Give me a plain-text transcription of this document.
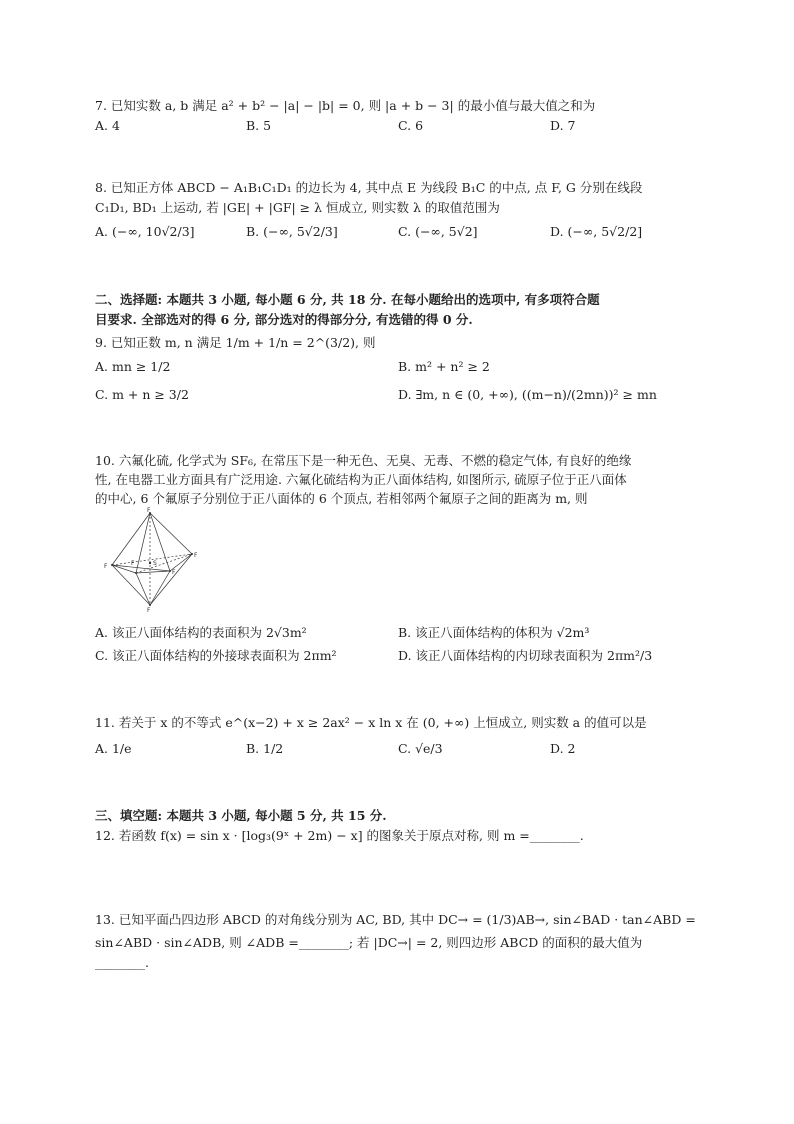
7. 已知实数 a, b 满足 a² + b² − |a| − |b| = 0, 则 |a + b − 3| 的最小值与最大值之和为
A. 4	B. 5	C. 6	D. 7
8. 已知正方体 ABCD − A₁B₁C₁D₁ 的边长为 4, 其中点 E 为线段 B₁C 的中点, 点 F, G 分别在线段
C₁D₁, BD₁ 上运动, 若 |GE| + |GF| ≥ λ 恒成立, 则实数 λ 的取值范围为
A. (−∞, 10√2/3]	B. (−∞, 5√2/3]	C. (−∞, 5√2]	D. (−∞, 5√2/2]
二、选择题: 本题共 3 小题, 每小题 6 分, 共 18 分. 在每小题给出的选项中, 有多项符合题
目要求. 全部选对的得 6 分, 部分选对的得部分分, 有选错的得 0 分.
9. 已知正数 m, n 满足 1/m + 1/n = 2^(3/2), 则
A. mn ≥ 1/2	B. m² + n² ≥ 2
C. m + n ≥ 3/2	D. ∃m, n ∈ (0, +∞), ((m−n)/(2mn))² ≥ mn
10. 六氟化硫, 化学式为 SF₆, 在常压下是一种无色、无臭、无毒、不燃的稳定气体, 有良好的绝缘
性, 在电器工业方面具有广泛用途. 六氟化硫结构为正八面体结构, 如图所示, 硫原子位于正八面体
的中心, 6 个氟原子分别位于正八面体的 6 个顶点, 若相邻两个氟原子之间的距离为 m, 则
F
F
F
F
F
F
S
A. 该正八面体结构的表面积为 2√3m²	B. 该正八面体结构的体积为 √2m³
C. 该正八面体结构的外接球表面积为 2πm²	D. 该正八面体结构的内切球表面积为 2πm²/3
11. 若关于 x 的不等式 e^(x−2) + x ≥ 2ax² − x ln x 在 (0, +∞) 上恒成立, 则实数 a 的值可以是
A. 1/e	B. 1/2	C. √e/3	D. 2
三、填空题: 本题共 3 小题, 每小题 5 分, 共 15 分.
12. 若函数 f(x) = sin x · [log₃(9ˣ + 2m) − x] 的图象关于原点对称, 则 m =________.
13. 已知平面凸四边形 ABCD 的对角线分别为 AC, BD, 其中 DC→ = (1/3)AB→, sin∠BAD · tan∠ABD =
sin∠ABD · sin∠ADB, 则 ∠ADB =________; 若 |DC→| = 2, 则四边形 ABCD 的面积的最大值为
________.
